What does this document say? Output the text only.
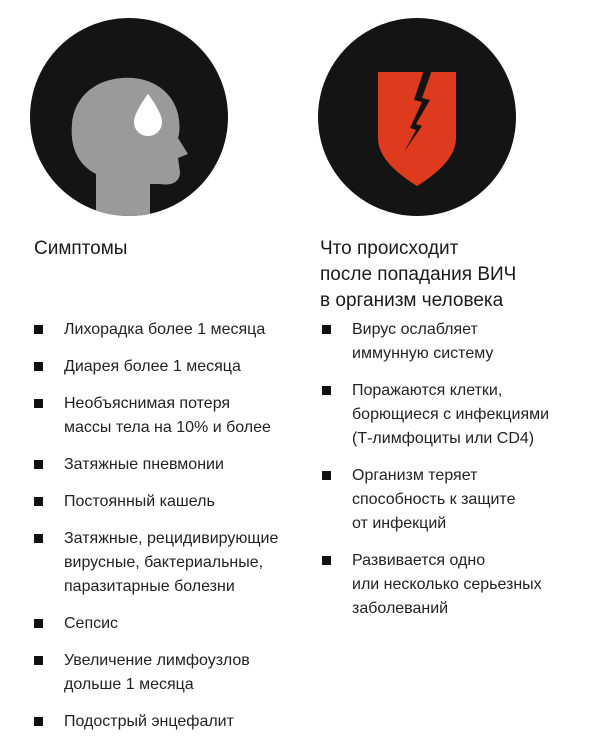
Симптомы
Лихорадка более 1 месяца
Диарея более 1 месяца
Необъяснимая потеря
массы тела на 10% и более
Затяжные пневмонии
Постоянный кашель
Затяжные, рецидивирующие
вирусные, бактериальные,
паразитарные болезни
Сепсис
Увеличение лимфоузлов
дольше 1 месяца
Подострый энцефалит
Что происходит
после попадания ВИЧ
в организм человека
Вирус ослабляет
иммунную систему
Поражаются клетки,
борющиеся с инфекциями
(Т-лимфоциты или CD4)
Организм теряет
способность к защите
от инфекций
Развивается одно
или несколько серьезных
заболеваний
